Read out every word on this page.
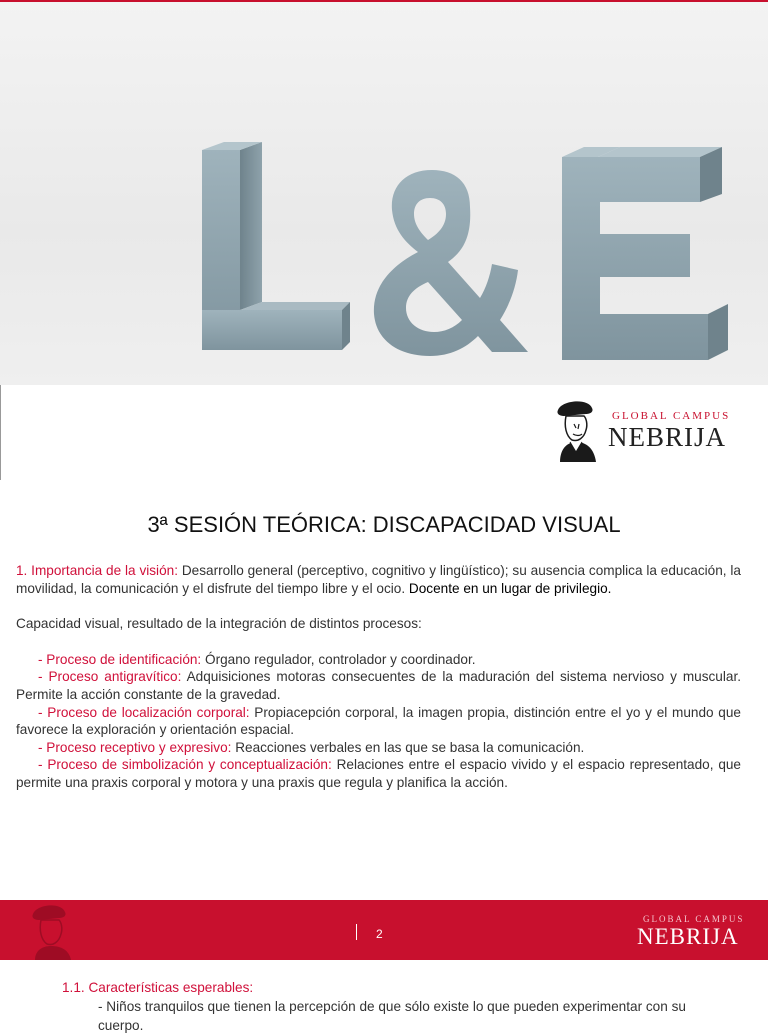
GLOBAL CAMPUS
NEBRIJA
3ª SESIÓN TEÓRICA: DISCAPACIDAD VISUAL

1. Importancia de la visión: Desarrollo general (perceptivo, cognitivo y lingüístico); su ausencia complica la educación, la movilidad, la comunicación y el disfrute del tiempo libre y el ocio. Docente en un lugar de privilegio.

Capacidad visual, resultado de la integración de distintos procesos:

- Proceso de identificación: Órgano regulador, controlador y coordinador.

- Proceso antigravítico: Adquisiciones motoras consecuentes de la maduración del sistema nervioso y muscular. Permite la acción constante de la gravedad.

- Proceso de localización corporal: Propiacepción corporal, la imagen propia, distinción entre el yo y el mundo que favorece la exploración y orientación espacial.

- Proceso receptivo y expresivo: Reacciones verbales en las que se basa la comunicación.

- Proceso de simbolización y conceptualización: Relaciones entre el espacio vivido y el espacio representado, que permite una praxis corporal y motora y una praxis que regula y planifica la acción.

2
GLOBAL CAMPUS
NEBRIJA

1.1. Características esperables:

- Niños tranquilos que tienen la percepción de que sólo existe lo que pueden experimentar con su cuerpo.
